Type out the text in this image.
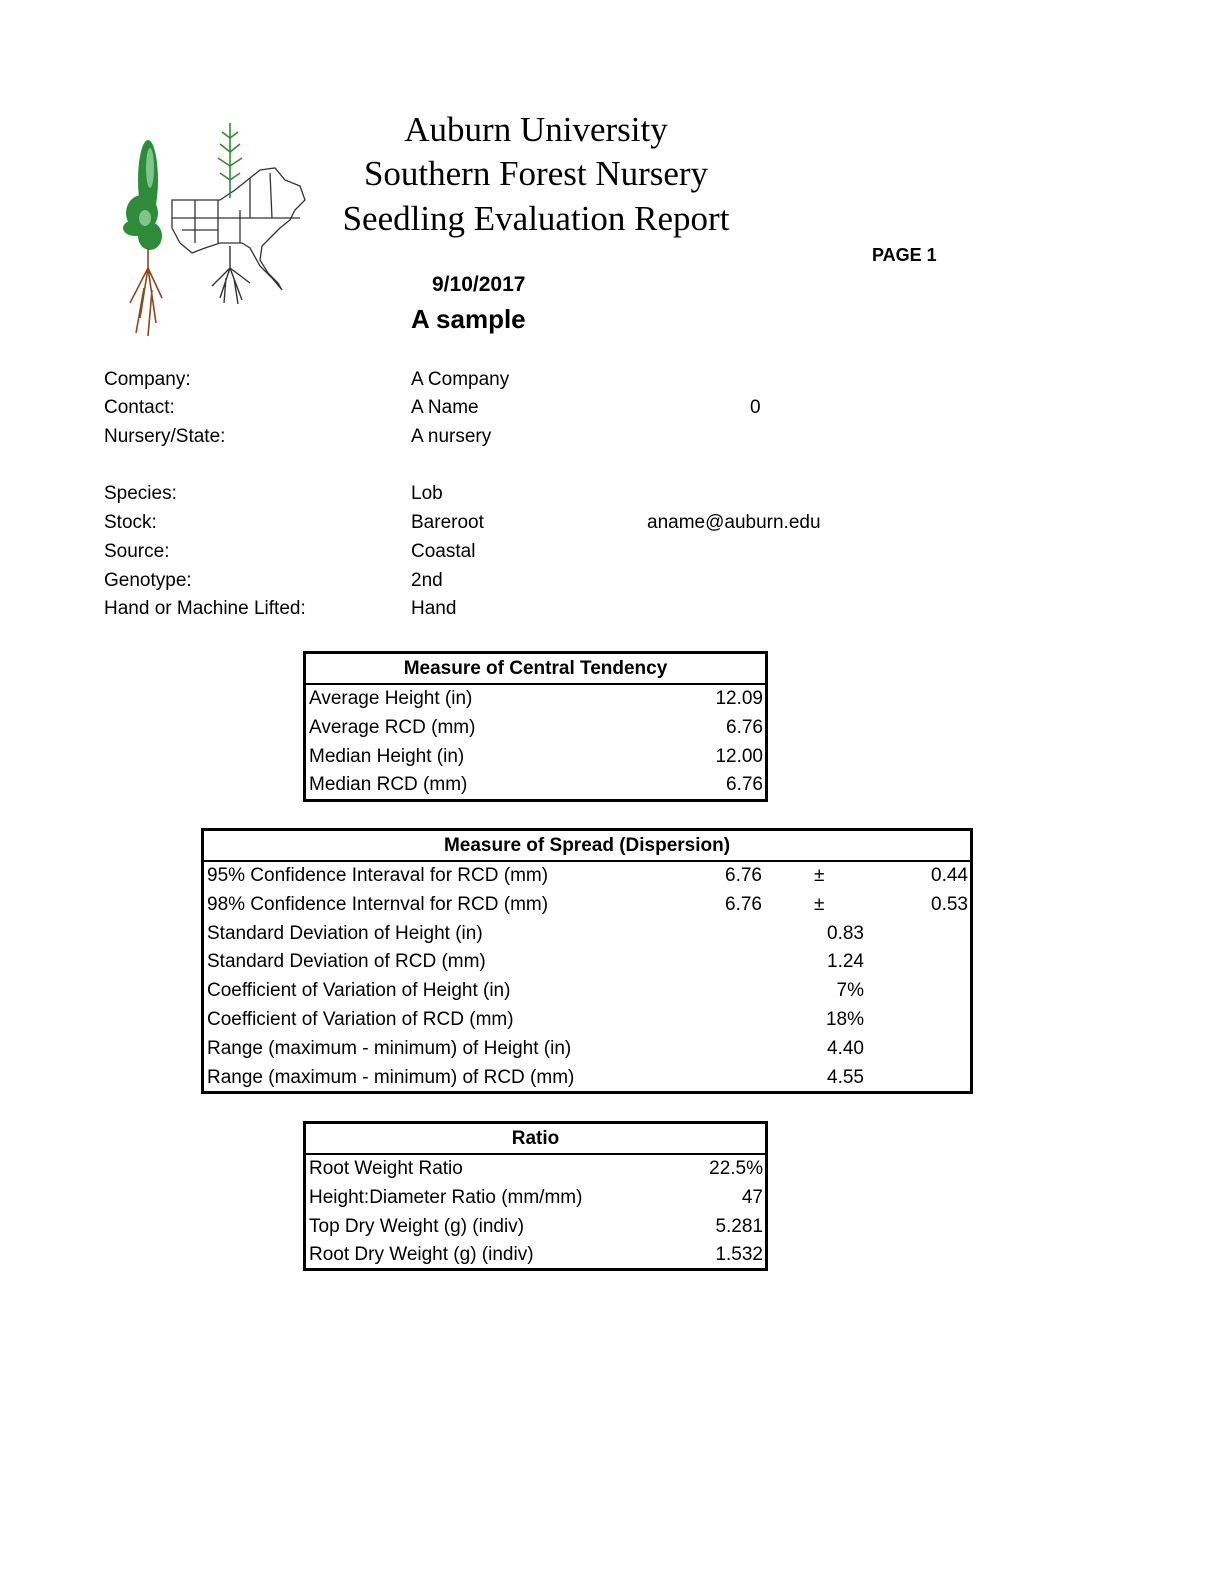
Auburn University
Southern Forest Nursery
Seedling Evaluation Report
PAGE 1
9/10/2017
A sample
Company:	A Company
Contact:	A Name	0
Nursery/State:	A nursery
Species:	Lob
Stock:	Bareroot	aname@auburn.edu
Source:	Coastal
Genotype:	2nd
Hand or Machine Lifted:	Hand
Measure of Central Tendency
Average Height (in)	12.09
Average RCD (mm)	6.76
Median Height (in)	12.00
Median RCD (mm)	6.76
Measure of Spread (Dispersion)
95% Confidence Interaval for RCD (mm)	6.76	±	0.44
98% Confidence Internval for RCD (mm)	6.76	±	0.53
Standard Deviation of Height (in)	0.83
Standard Deviation of RCD (mm)	1.24
Coefficient of Variation of Height (in)	7%
Coefficient of Variation of RCD (mm)	18%
Range (maximum - minimum) of Height (in)	4.40
Range (maximum - minimum) of RCD (mm)	4.55
Ratio
Root Weight Ratio	22.5%
Height:Diameter Ratio (mm/mm)	47
Top Dry Weight (g) (indiv)	5.281
Root Dry Weight (g) (indiv)	1.532
